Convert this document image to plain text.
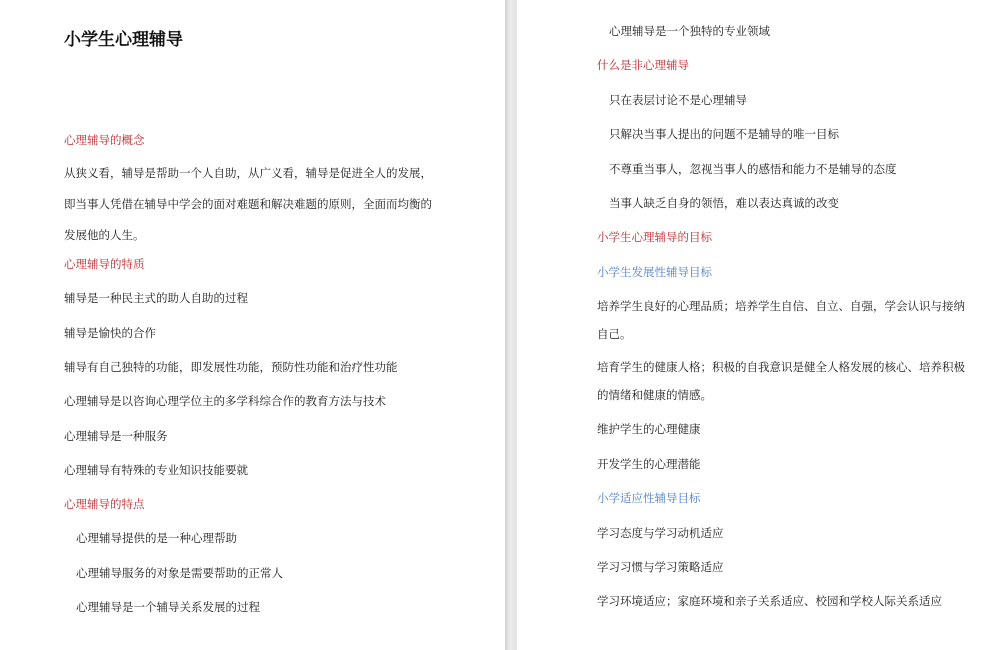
小学生心理辅导

心理辅导的概念

从狭义看，辅导是帮助一个人自助，从广义看，辅导是促进全人的发展，即当事人凭借在辅导中学会的面对难题和解决难题的原则，全面而均衡的发展他的人生。

心理辅导的特质

辅导是一种民主式的助人自助的过程

辅导是愉快的合作

辅导有自己独特的功能，即发展性功能，预防性功能和治疗性功能

心理辅导是以咨询心理学位主的多学科综合作的教育方法与技术

心理辅导是一种服务

心理辅导有特殊的专业知识技能要就

心理辅导的特点

心理辅导提供的是一种心理帮助

心理辅导服务的对象是需要帮助的正常人

心理辅导是一个辅导关系发展的过程

心理辅导是一个独特的专业领域

什么是非心理辅导

只在表层讨论不是心理辅导

只解决当事人提出的问题不是辅导的唯一目标

不尊重当事人，忽视当事人的感悟和能力不是辅导的态度

当事人缺乏自身的领悟，难以表达真诚的改变

小学生心理辅导的目标

小学生发展性辅导目标

培养学生良好的心理品质；培养学生自信、自立、自强，学会认识与接纳自己。

培育学生的健康人格；积极的自我意识是健全人格发展的核心、培养积极的情绪和健康的情感。

维护学生的心理健康

开发学生的心理潜能

小学适应性辅导目标

学习态度与学习动机适应

学习习惯与学习策略适应

学习环境适应；家庭环境和亲子关系适应、校园和学校人际关系适应
